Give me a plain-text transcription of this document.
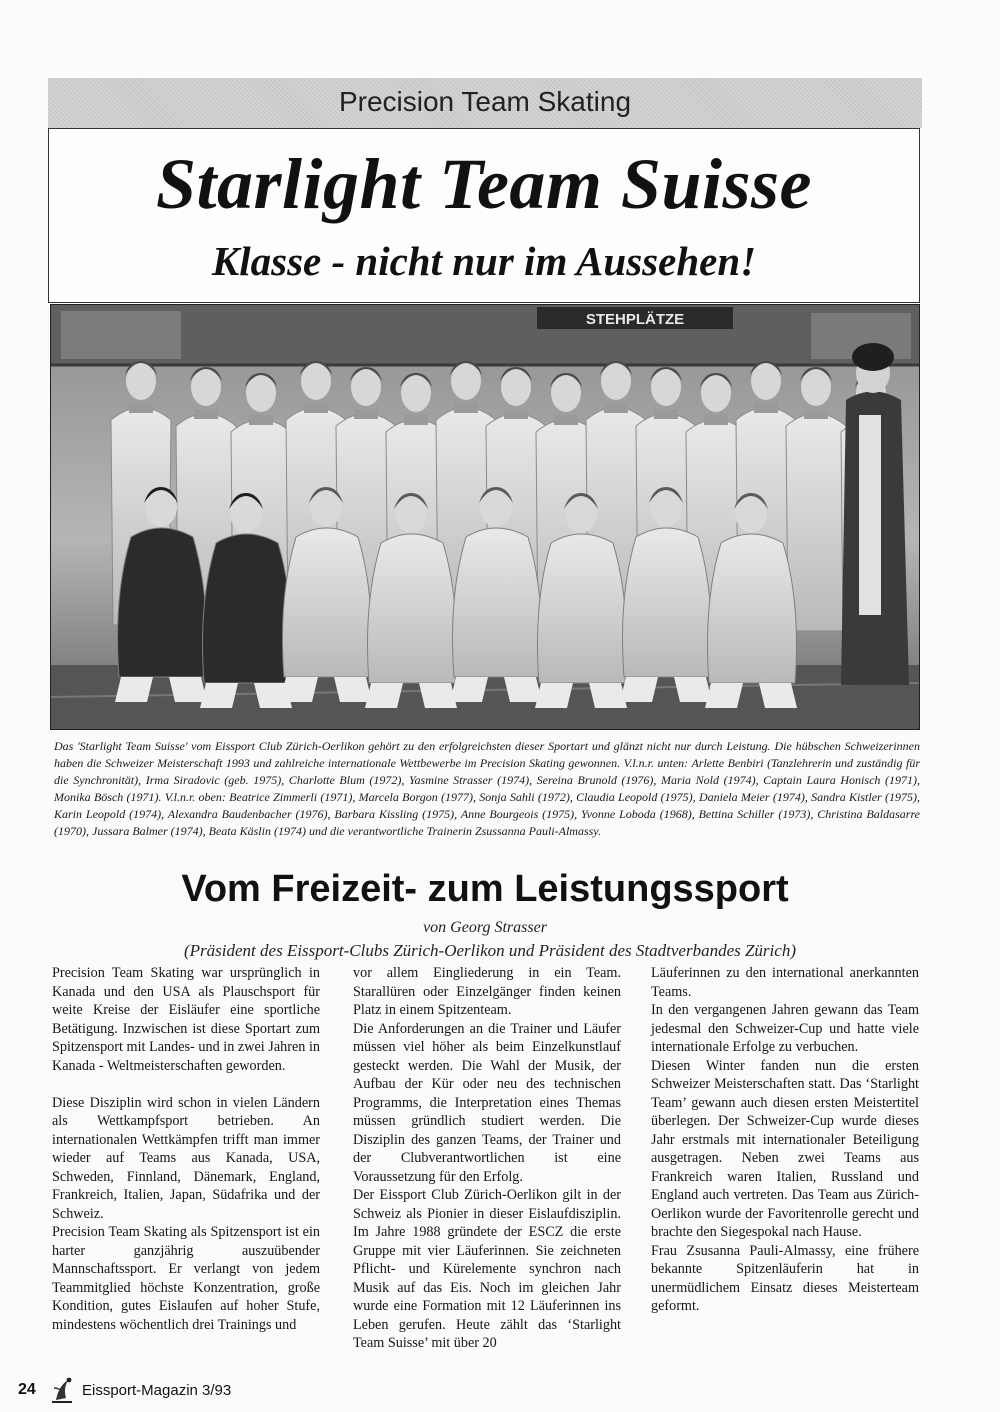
Precision Team Skating
Starlight Team Suisse
Klasse - nicht nur im Aussehen!
STEHPLÄTZE
Das 'Starlight Team Suisse' vom Eissport Club Zürich-Oerlikon gehört zu den erfolgreichsten dieser Sportart und glänzt nicht nur durch Leistung. Die hübschen Schweizerinnen haben die Schweizer Meisterschaft 1993 und zahlreiche internationale Wettbewerbe im Precision Skating gewonnen. V.l.n.r. unten: Arlette Benbiri (Tanzlehrerin und zuständig für die Synchronität), Irma Siradovic (geb. 1975), Charlotte Blum (1972), Yasmine Strasser (1974), Sereina Brunold (1976), Maria Nold (1974), Captain Laura Honisch (1971), Monika Bösch (1971). V.l.n.r. oben: Beatrice Zimmerli (1971), Marcela Borgon (1977), Sonja Sahli (1972), Claudia Leopold (1975), Daniela Meier (1974), Sandra Kistler (1975), Karin Leopold (1974), Alexandra Baudenbacher (1976), Barbara Kissling (1975), Anne Bourgeois (1975), Yvonne Loboda (1968), Bettina Schiller (1973), Christina Baldasarre (1970), Jussara Balmer (1974), Beata Käslin (1974) und die verantwortliche Trainerin Zsussanna Pauli-Almassy.
Vom Freizeit- zum Leistungssport
von Georg Strasser
(Präsident des Eissport-Clubs Zürich-Oerlikon und Präsident des Stadtverbandes Zürich)

Precision Team Skating war ursprünglich in Kanada und den USA als Plauschsport für weite Kreise der Eisläufer eine sportliche Betätigung. Inzwischen ist diese Sportart zum Spitzensport mit Landes- und in zwei Jahren in Kanada - Weltmeisterschaften geworden.

Diese Disziplin wird schon in vielen Ländern als Wettkampfsport betrieben. An internationalen Wettkämpfen trifft man immer wieder auf Teams aus Kanada, USA, Schweden, Finnland, Dänemark, England, Frankreich, Italien, Japan, Südafrika und der Schweiz.

Precision Team Skating als Spitzensport ist ein harter ganzjährig auszuübender Mannschaftssport. Er verlangt von jedem Teammitglied höchste Konzentration, große Kondition, gutes Eislaufen auf hoher Stufe, mindestens wöchentlich drei Trainings und

vor allem Eingliederung in ein Team. Starallüren oder Einzelgänger finden keinen Platz in einem Spitzenteam.

Die Anforderungen an die Trainer und Läufer müssen viel höher als beim Einzelkunstlauf gesteckt werden. Die Wahl der Musik, der Aufbau der Kür oder neu des technischen Programms, die Interpretation eines Themas müssen gründlich studiert werden. Die Disziplin des ganzen Teams, der Trainer und der Clubverantwortlichen ist eine Voraussetzung für den Erfolg.

Der Eissport Club Zürich-Oerlikon gilt in der Schweiz als Pionier in dieser Eislaufdisziplin. Im Jahre 1988 gründete der ESCZ die erste Gruppe mit vier Läuferinnen. Sie zeichneten Pflicht- und Kürelemente synchron nach Musik auf das Eis. Noch im gleichen Jahr wurde eine Formation mit 12 Läuferinnen ins Leben gerufen. Heute zählt das ‘Starlight Team Suisse’ mit über 20

Läuferinnen zu den international anerkannten Teams.

In den vergangenen Jahren gewann das Team jedesmal den Schweizer-Cup und hatte viele internationale Erfolge zu verbuchen.

Diesen Winter fanden nun die ersten Schweizer Meisterschaften statt. Das ‘Starlight Team’ gewann auch diesen ersten Meistertitel überlegen. Der Schweizer-Cup wurde dieses Jahr erstmals mit internationaler Beteiligung ausgetragen. Neben zwei Teams aus Frankreich waren Italien, Russland und England auch vertreten. Das Team aus Zürich-Oerlikon wurde der Favoritenrolle gerecht und brachte den Siegespokal nach Hause.

Frau Zsusanna Pauli-Almassy, eine frühere bekannte Spitzenläuferin hat in unermüdlichem Einsatz dieses Meisterteam geformt.

24	Eissport-Magazin 3/93
